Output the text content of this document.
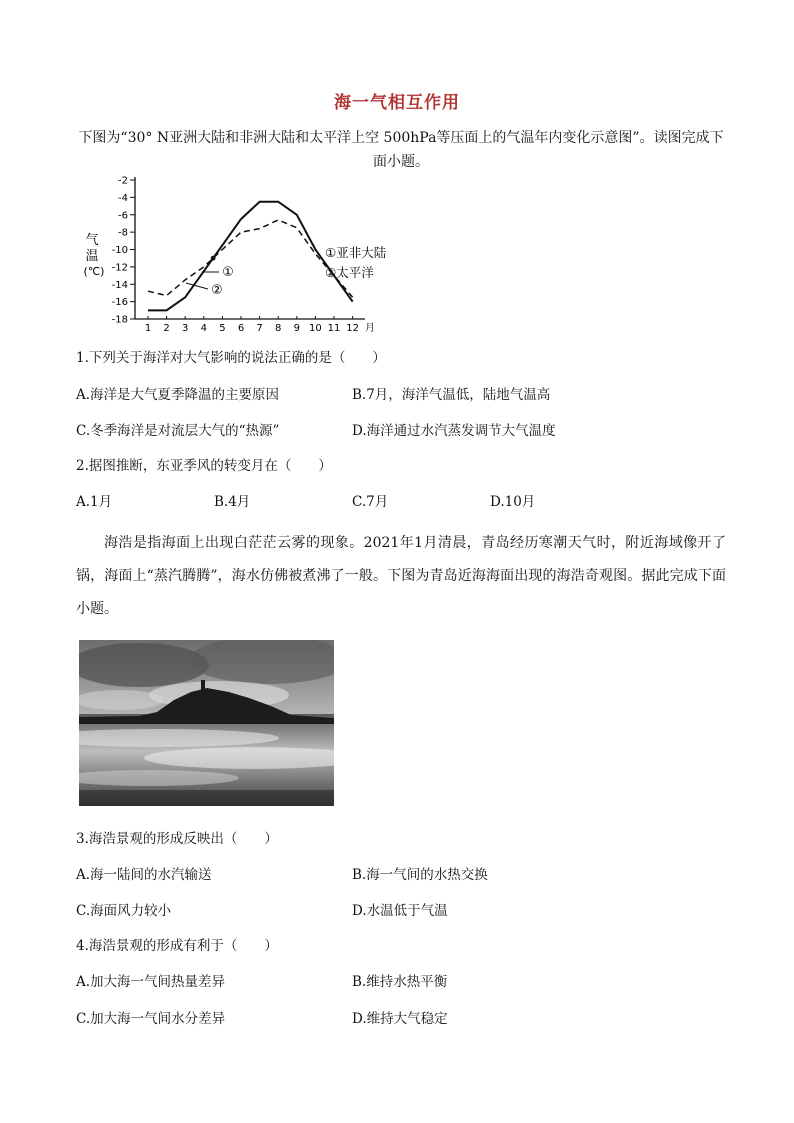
海一气相互作用
下图为“30° N亚洲大陆和非洲大陆和太平洋上空 500hPa等压面上的气温年内变化示意图”。读图完成下
面小题。
气
温
(℃)
-2
-4
-6
-8
-10
-12
-14
-16
-18
1 2 3 4 5 6 7 8 9 10 11 12 月
①
②
①亚非大陆
②太平洋
1.下列关于海洋对大气影响的说法正确的是（　　）
A.海洋是大气夏季降温的主要原因	B.7月，海洋气温低，陆地气温高
C.冬季海洋是对流层大气的“热源”	D.海洋通过水汽蒸发调节大气温度
2.据图推断，东亚季风的转变月在（　　）
A.1月	B.4月	C.7月	D.10月
海浩是指海面上出现白茫茫云雾的现象。2021年1月清晨，青岛经历寒潮天气时，附近海域像开了锅，海面上“蒸汽腾腾”，海水仿佛被煮沸了一般。下图为青岛近海海面出现的海浩奇观图。据此完成下面小题。
3.海浩景观的形成反映出（　　）
A.海一陆间的水汽输送	B.海一气间的水热交换
C.海面风力较小	D.水温低于气温
4.海浩景观的形成有利于（　　）
A.加大海一气间热量差异	B.维持水热平衡
C.加大海一气间水分差异	D.维持大气稳定
